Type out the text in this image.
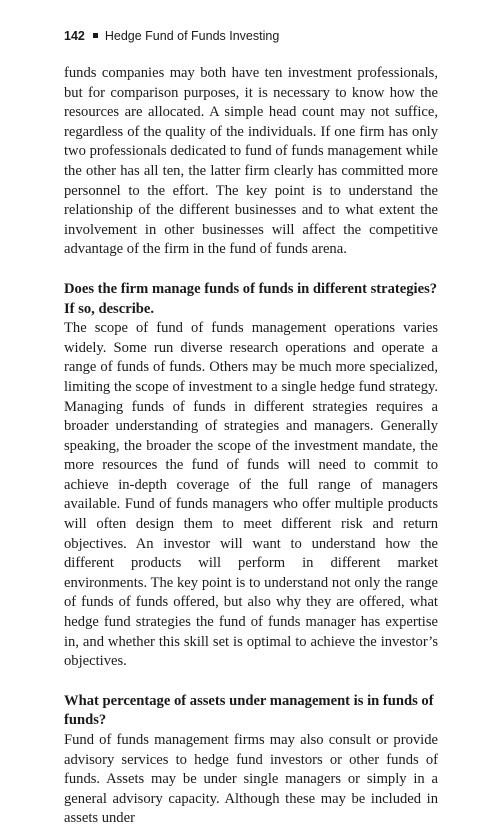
142 Hedge Fund of Funds Investing

funds companies may both have ten investment professionals, but for comparison purposes, it is necessary to know how the resources are allocated. A simple head count may not suffice, regardless of the quality of the individuals. If one firm has only two professionals dedicated to fund of funds management while the other has all ten, the latter firm clearly has committed more personnel to the effort. The key point is to understand the relationship of the different businesses and to what extent the involvement in other businesses will affect the competitive advantage of the firm in the fund of funds arena.

Does the firm manage funds of funds in different strategies? If so, describe.

The scope of fund of funds management operations varies widely. Some run diverse research operations and operate a range of funds of funds. Others may be much more specialized, limiting the scope of investment to a single hedge fund strategy. Managing funds of funds in different strategies requires a broader understanding of strategies and managers. Generally speaking, the broader the scope of the investment mandate, the more resources the fund of funds will need to commit to achieve in-depth coverage of the full range of managers available. Fund of funds managers who offer multiple products will often design them to meet different risk and return objectives. An investor will want to understand how the different products will perform in different market environments. The key point is to understand not only the range of funds of funds offered, but also why they are offered, what hedge fund strategies the fund of funds manager has expertise in, and whether this skill set is optimal to achieve the investor’s objectives.

What percentage of assets under management is in funds of funds?

Fund of funds management firms may also consult or provide advisory services to hedge fund investors or other funds of funds. Assets may be under single managers or simply in a general advisory capacity. Although these may be included in assets under
